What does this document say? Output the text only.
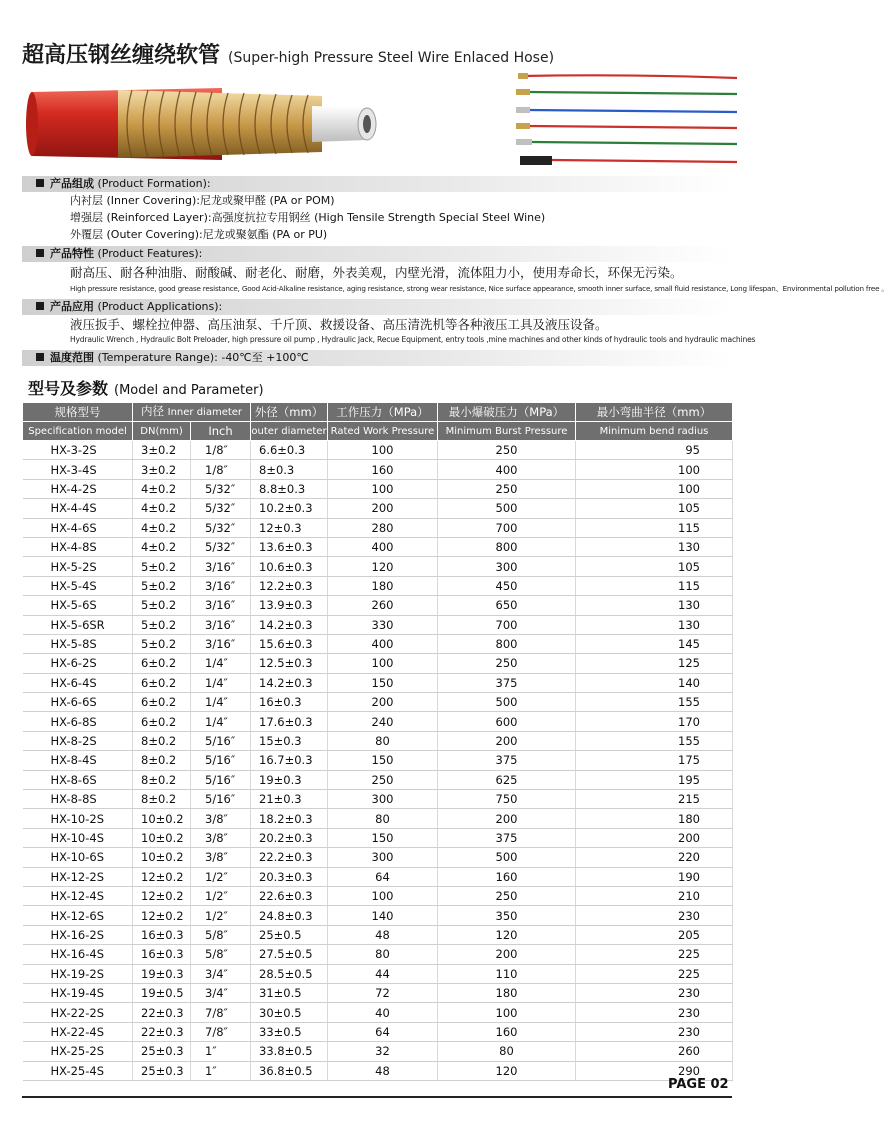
超高压钢丝缠绕软管 (Super-high Pressure Steel Wire Enlaced Hose)
产品组成 (Product Formation):
内衬层 (Inner Covering):尼龙或聚甲醛 (PA or POM)
增强层 (Reinforced Layer):高强度抗拉专用钢丝 (High Tensile Strength Special Steel Wine)
外覆层 (Outer Covering):尼龙或聚氨酯 (PA or PU)
产品特性 (Product Features):
耐高压、耐各种油脂、耐酸碱、耐老化、耐磨，外表美观，内壁光滑，流体阻力小，使用寿命长，环保无污染。
High pressure resistance, good grease resistance, Good Acid-Alkaline resistance, aging resistance, strong wear resistance, Nice surface appearance, smooth inner surface, small fluid resistance, Long lifespan、Environmental pollution free 。
产品应用 (Product Applications):
液压扳手、螺栓拉伸器、高压油泵、千斤顶、救援设备、高压清洗机等各种液压工具及液压设备。
Hydraulic Wrench , Hydraulic Bolt Preloader, high pressure oil pump , Hydraulic Jack, Recue Equipment, entry tools ,mine machines and other kinds of hydraulic tools and hydraulic machines
温度范围 (Temperature Range): -40℃至 +100℃
型号及参数 (Model and Parameter)
规格型号	内径 Inner diameter		外径（mm）	工作压力（MPa）	最小爆破压力（MPa）	最小弯曲半径（mm）
Specification model	DN(mm)	Inch	outer diameter	Rated Work Pressure	Minimum Burst Pressure	Minimum bend radius
HX-3-2S	3±0.2	1/8″	6.6±0.3	100	250	95
HX-3-4S	3±0.2	1/8″	8±0.3	160	400	100
HX-4-2S	4±0.2	5/32″	8.8±0.3	100	250	100
HX-4-4S	4±0.2	5/32″	10.2±0.3	200	500	105
HX-4-6S	4±0.2	5/32″	12±0.3	280	700	115
HX-4-8S	4±0.2	5/32″	13.6±0.3	400	800	130
HX-5-2S	5±0.2	3/16″	10.6±0.3	120	300	105
HX-5-4S	5±0.2	3/16″	12.2±0.3	180	450	115
HX-5-6S	5±0.2	3/16″	13.9±0.3	260	650	130
HX-5-6SR	5±0.2	3/16″	14.2±0.3	330	700	130
HX-5-8S	5±0.2	3/16″	15.6±0.3	400	800	145
HX-6-2S	6±0.2	1/4″	12.5±0.3	100	250	125
HX-6-4S	6±0.2	1/4″	14.2±0.3	150	375	140
HX-6-6S	6±0.2	1/4″	16±0.3	200	500	155
HX-6-8S	6±0.2	1/4″	17.6±0.3	240	600	170
HX-8-2S	8±0.2	5/16″	15±0.3	80	200	155
HX-8-4S	8±0.2	5/16″	16.7±0.3	150	375	175
HX-8-6S	8±0.2	5/16″	19±0.3	250	625	195
HX-8-8S	8±0.2	5/16″	21±0.3	300	750	215
HX-10-2S	10±0.2	3/8″	18.2±0.3	80	200	180
HX-10-4S	10±0.2	3/8″	20.2±0.3	150	375	200
HX-10-6S	10±0.2	3/8″	22.2±0.3	300	500	220
HX-12-2S	12±0.2	1/2″	20.3±0.3	64	160	190
HX-12-4S	12±0.2	1/2″	22.6±0.3	100	250	210
HX-12-6S	12±0.2	1/2″	24.8±0.3	140	350	230
HX-16-2S	16±0.3	5/8″	25±0.5	48	120	205
HX-16-4S	16±0.3	5/8″	27.5±0.5	80	200	225
HX-19-2S	19±0.3	3/4″	28.5±0.5	44	110	225
HX-19-4S	19±0.5	3/4″	31±0.5	72	180	230
HX-22-2S	22±0.3	7/8″	30±0.5	40	100	230
HX-22-4S	22±0.3	7/8″	33±0.5	64	160	230
HX-25-2S	25±0.3	1″	33.8±0.5	32	80	260
HX-25-4S	25±0.3	1″	36.8±0.5	48	120	290
PAGE 02
